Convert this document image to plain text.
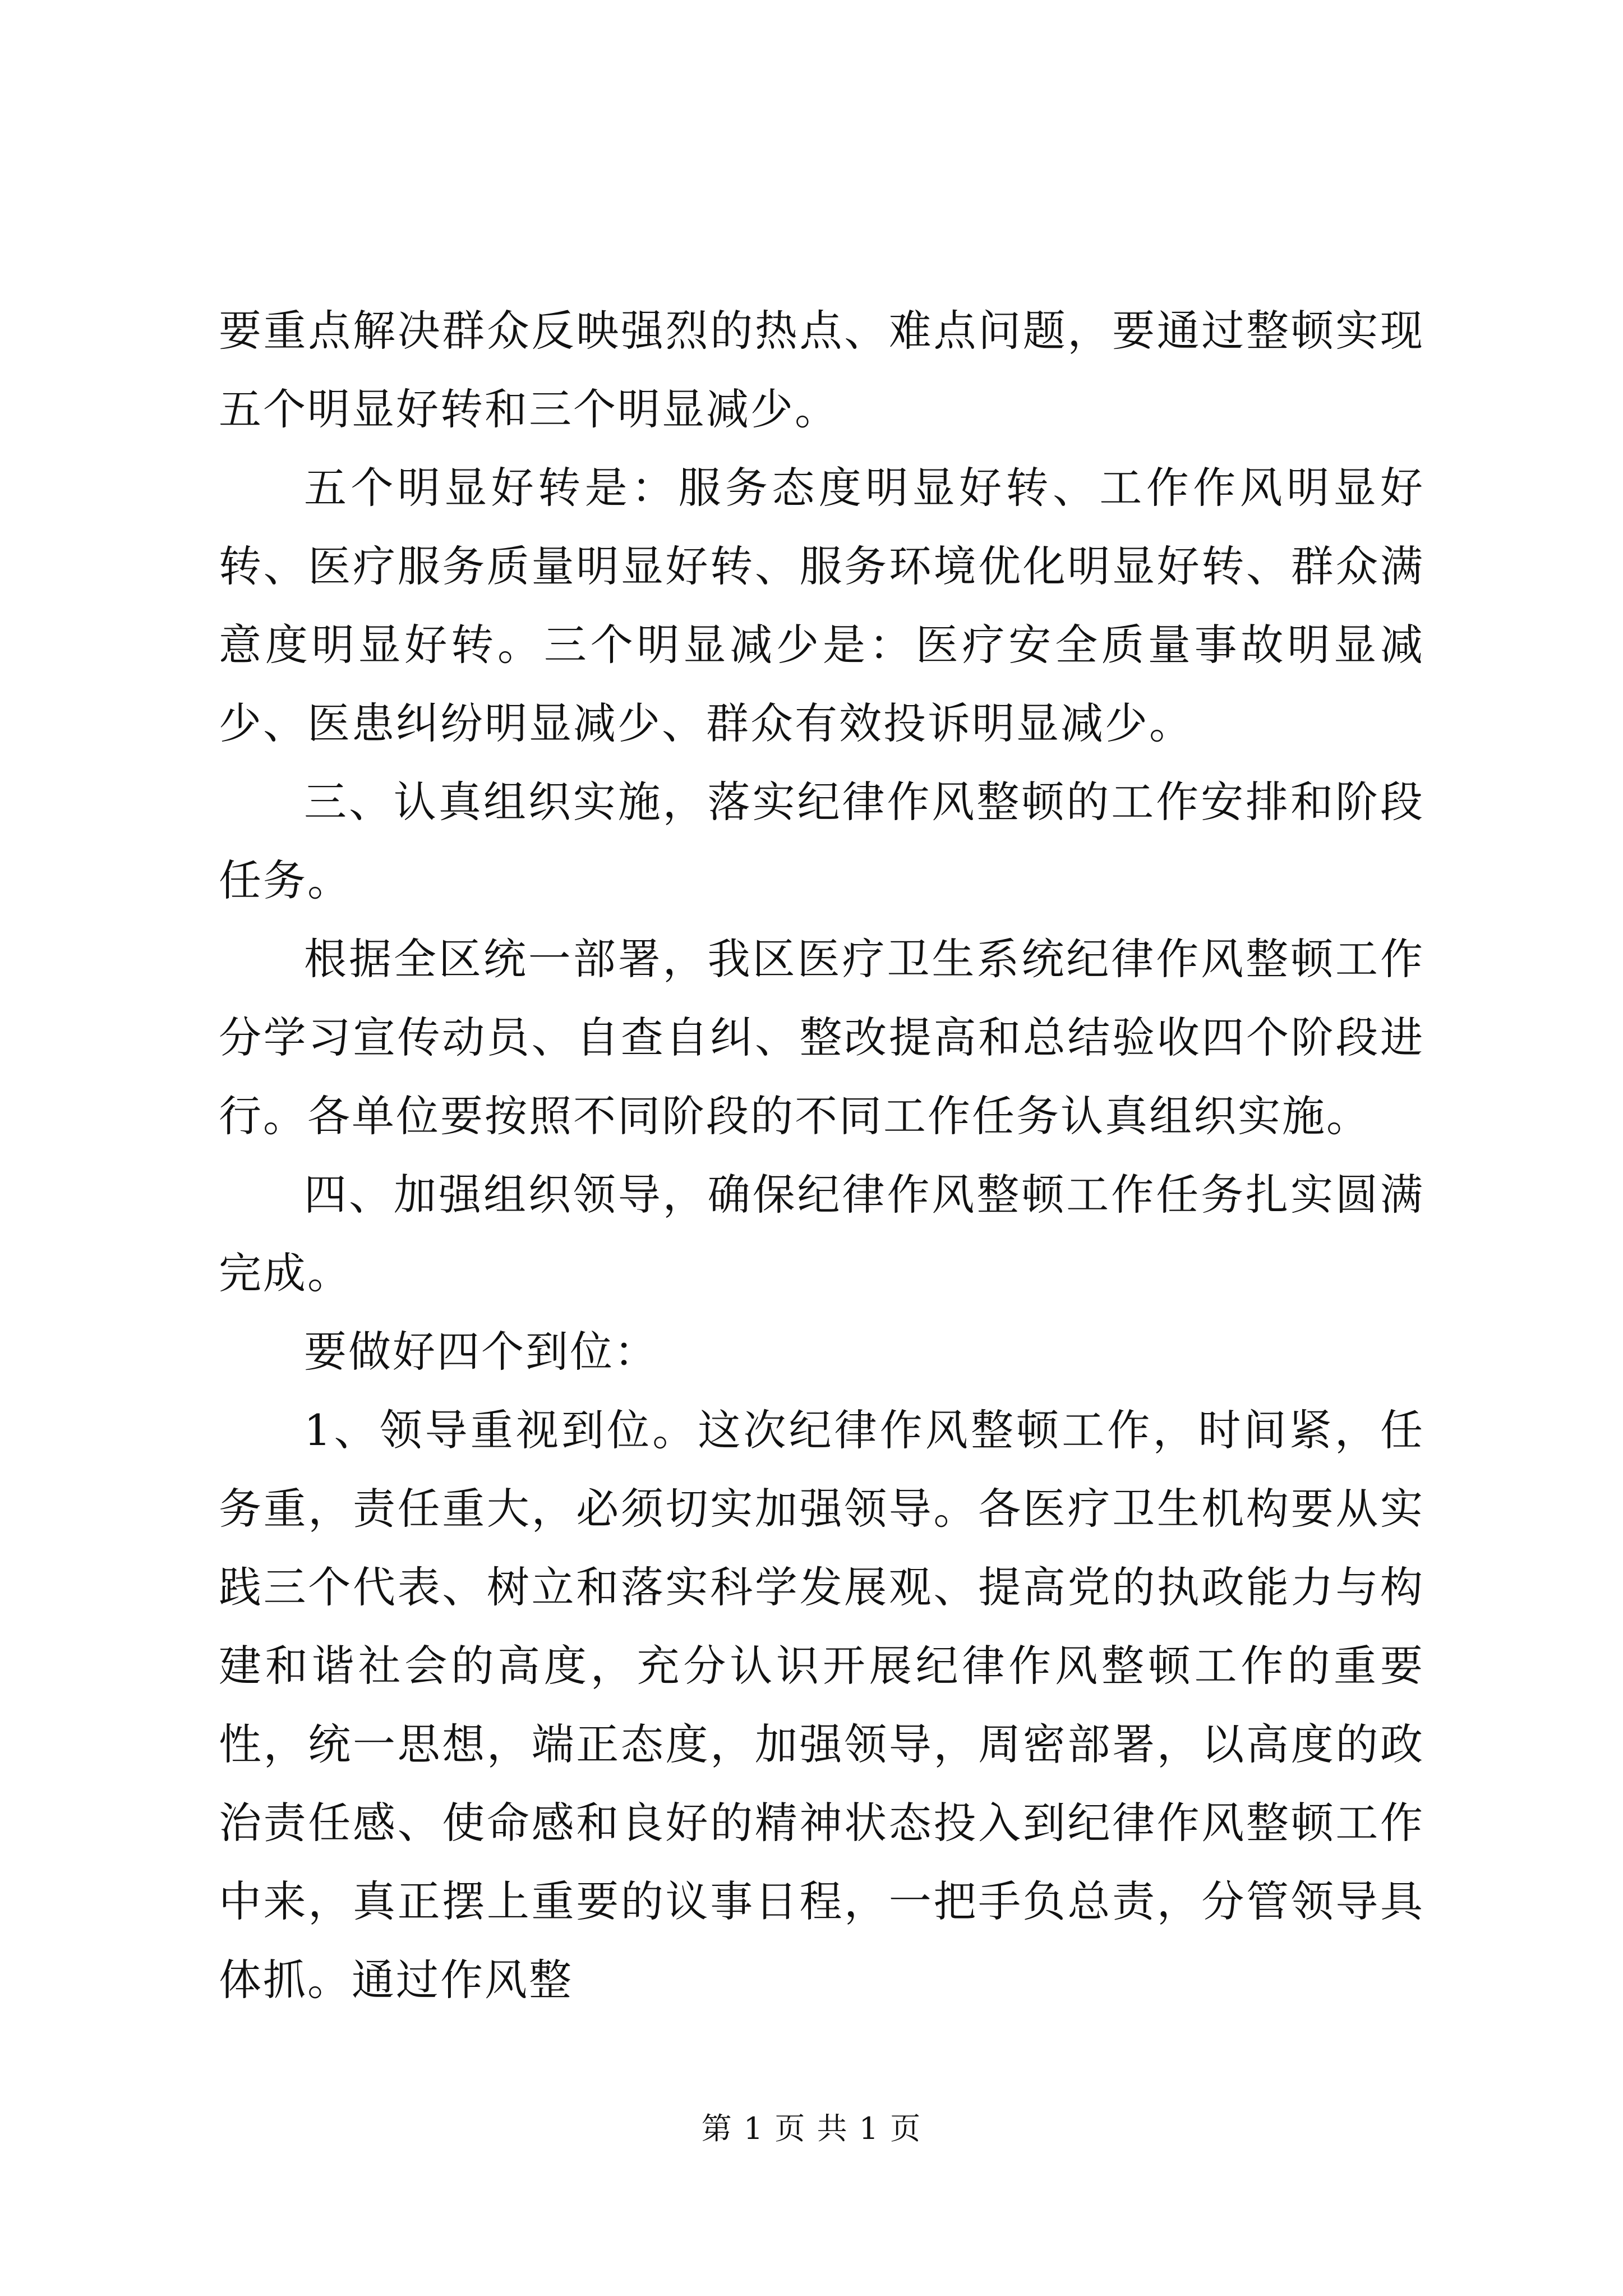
要重点解决群众反映强烈的热点、难点问题，要通过整顿实现五个明显好转和三个明显减少。

五个明显好转是：服务态度明显好转、工作作风明显好转、医疗服务质量明显好转、服务环境优化明显好转、群众满意度明显好转。三个明显减少是：医疗安全质量事故明显减少、医患纠纷明显减少、群众有效投诉明显减少。

三、认真组织实施，落实纪律作风整顿的工作安排和阶段任务。

根据全区统一部署，我区医疗卫生系统纪律作风整顿工作分学习宣传动员、自查自纠、整改提高和总结验收四个阶段进行。各单位要按照不同阶段的不同工作任务认真组织实施。

四、加强组织领导，确保纪律作风整顿工作任务扎实圆满完成。

要做好四个到位：

1、领导重视到位。这次纪律作风整顿工作，时间紧，任务重，责任重大，必须切实加强领导。各医疗卫生机构要从实践三个代表、树立和落实科学发展观、提高党的执政能力与构建和谐社会的高度，充分认识开展纪律作风整顿工作的重要性，统一思想，端正态度，加强领导，周密部署，以高度的政治责任感、使命感和良好的精神状态投入到纪律作风整顿工作中来，真正摆上重要的议事日程，一把手负总责，分管领导具体抓。通过作风整

第 1 页 共 1 页
